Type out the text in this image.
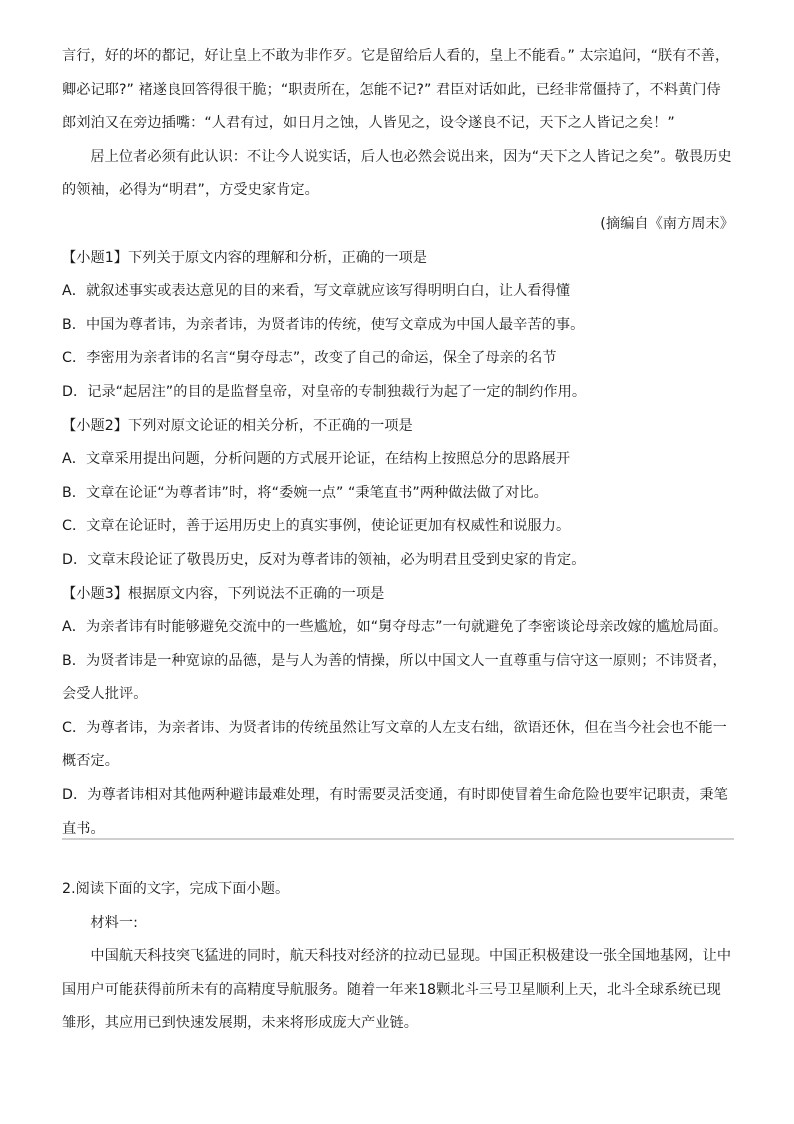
言行，好的坏的都记，好让皇上不敢为非作歹。它是留给后人看的，皇上不能看。” 太宗追问，“朕有不善，卿必记耶?” 褚遂良回答得很干脆；“职责所在，怎能不记?” 君臣对话如此，已经非常僵持了，不料黄门侍郎刘泊又在旁边插嘴：“人君有过，如日月之蚀，人皆见之，设令遂良不记，天下之人皆记之矣！”

居上位者必须有此认识：不让今人说实话，后人也必然会说出来，因为“天下之人皆记之矣”。敬畏历史的领袖，必得为“明君”，方受史家肯定。

(摘编自《南方周末》

【小题1】下列关于原文内容的理解和分析，正确的一项是

A．就叙述事实或表达意见的目的来看，写文章就应该写得明明白白，让人看得懂

B．中国为尊者讳，为亲者讳，为贤者讳的传统，使写文章成为中国人最辛苦的事。

C．李密用为亲者讳的名言“舅夺母志”，改变了自己的命运，保全了母亲的名节

D．记录“起居注”的目的是监督皇帝，对皇帝的专制独裁行为起了一定的制约作用。

【小题2】下列对原文论证的相关分析，不正确的一项是

A．文章采用提出问题，分析问题的方式展开论证，在结构上按照总分的思路展开

B．文章在论证“为尊者讳”时，将“委婉一点” “秉笔直书”两种做法做了对比。

C．文章在论证时，善于运用历史上的真实事例，使论证更加有权威性和说服力。

D．文章末段论证了敬畏历史，反对为尊者讳的领袖，必为明君且受到史家的肯定。

【小题3】根据原文内容，下列说法不正确的一项是

A．为亲者讳有时能够避免交流中的一些尴尬，如“舅夺母志”一句就避免了李密谈论母亲改嫁的尴尬局面。

B．为贤者讳是一种宽谅的品德，是与人为善的情操，所以中国文人一直尊重与信守这一原则；不讳贤者，会受人批评。

C．为尊者讳，为亲者讳、为贤者讳的传统虽然让写文章的人左支右绌，欲语还休，但在当今社会也不能一概否定。

D．为尊者讳相对其他两种避讳最难处理，有时需要灵活变通，有时即使冒着生命危险也要牢记职责，秉笔直书。

2.阅读下面的文字，完成下面小题。

材料一:

中国航天科技突飞猛进的同时，航天科技对经济的拉动已显现。中国正积极建设一张全国地基网，让中国用户可能获得前所未有的高精度导航服务。随着一年来18颗北斗三号卫星顺利上天，北斗全球系统已现雏形，其应用已到快速发展期，未来将形成庞大产业链。
